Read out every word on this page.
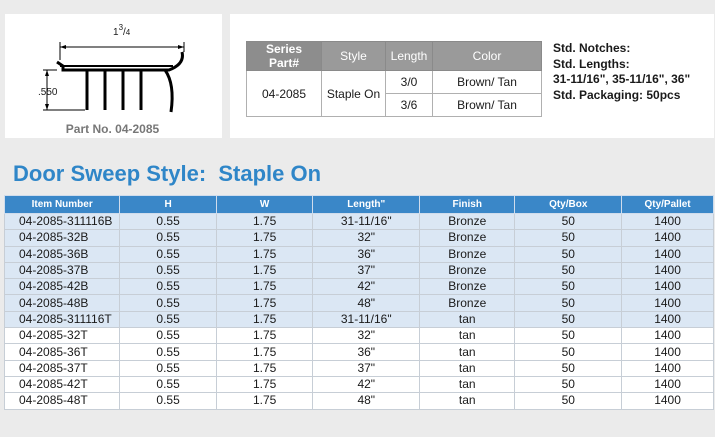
$1^3/4$
.550
Part No. 04-2085
Series Part#	Style	Length	Color
04-2085	Staple On	3/0	Brown/ Tan
		3/6	Brown/ Tan
Std. Notches:
Std. Lengths:
31-11/16", 35-11/16", 36"
Std. Packaging: 50pcs
Door Sweep Style:  Staple On
Item Number	H	W	Length"	Finish	Qty/Box	Qty/Pallet
04-2085-311116B	0.55	1.75	31-11/16"	Bronze	50	1400
04-2085-32B	0.55	1.75	32"	Bronze	50	1400
04-2085-36B	0.55	1.75	36"	Bronze	50	1400
04-2085-37B	0.55	1.75	37"	Bronze	50	1400
04-2085-42B	0.55	1.75	42"	Bronze	50	1400
04-2085-48B	0.55	1.75	48"	Bronze	50	1400
04-2085-311116T	0.55	1.75	31-11/16"	tan	50	1400
04-2085-32T	0.55	1.75	32"	tan	50	1400
04-2085-36T	0.55	1.75	36"	tan	50	1400
04-2085-37T	0.55	1.75	37"	tan	50	1400
04-2085-42T	0.55	1.75	42"	tan	50	1400
04-2085-48T	0.55	1.75	48"	tan	50	1400
